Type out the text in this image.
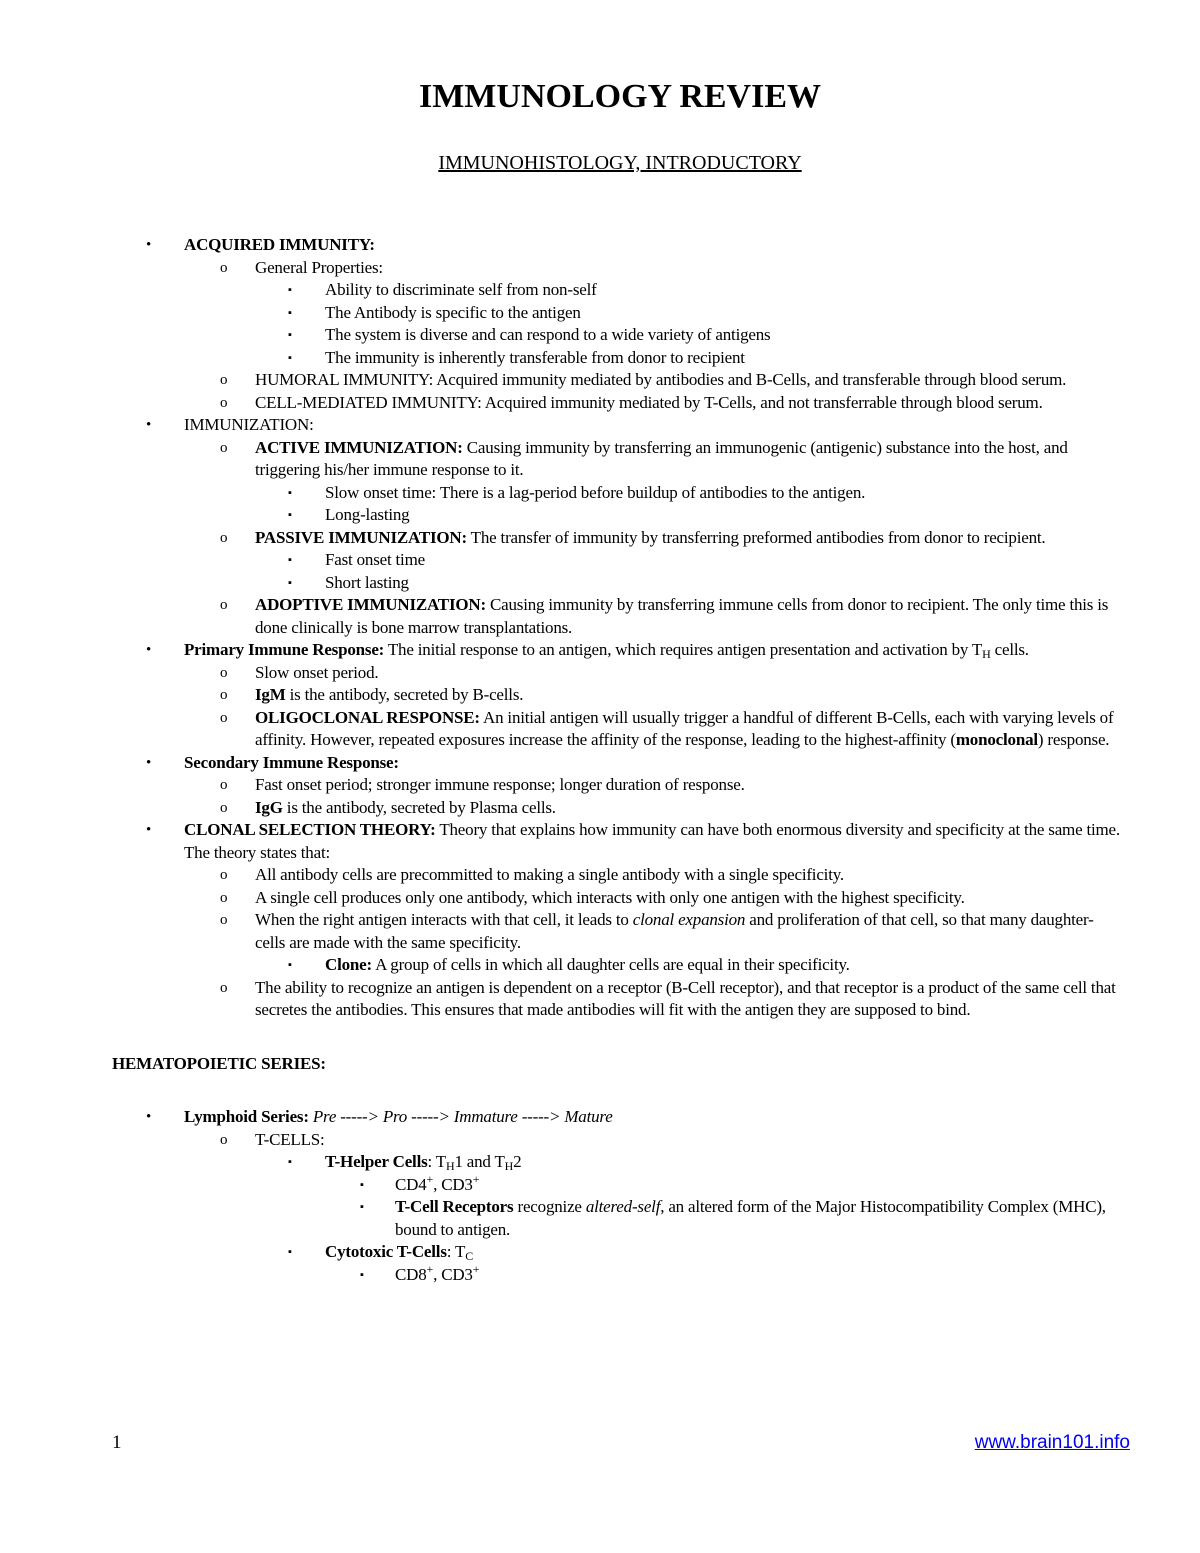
IMMUNOLOGY REVIEW
IMMUNOHISTOLOGY, INTRODUCTORY
• ACQUIRED IMMUNITY:
o General Properties:
▪ Ability to discriminate self from non-self
▪ The Antibody is specific to the antigen
▪ The system is diverse and can respond to a wide variety of antigens
▪ The immunity is inherently transferable from donor to recipient
o HUMORAL IMMUNITY: Acquired immunity mediated by antibodies and B-Cells, and transferable through blood serum.
o CELL-MEDIATED IMMUNITY: Acquired immunity mediated by T-Cells, and not transferrable through blood serum.
• IMMUNIZATION:
o ACTIVE IMMUNIZATION: Causing immunity by transferring an immunogenic (antigenic) substance into the host, and triggering his/her immune response to it.
▪ Slow onset time: There is a lag-period before buildup of antibodies to the antigen.
▪ Long-lasting
o PASSIVE IMMUNIZATION: The transfer of immunity by transferring preformed antibodies from donor to recipient.
▪ Fast onset time
▪ Short lasting
o ADOPTIVE IMMUNIZATION: Causing immunity by transferring immune cells from donor to recipient. The only time this is done clinically is bone marrow transplantations.
• Primary Immune Response: The initial response to an antigen, which requires antigen presentation and activation by $T_H$ cells.
o Slow onset period.
o IgM is the antibody, secreted by B-cells.
o OLIGOCLONAL RESPONSE: An initial antigen will usually trigger a handful of different B-Cells, each with varying levels of affinity. However, repeated exposures increase the affinity of the response, leading to the highest-affinity (monoclonal) response.
• Secondary Immune Response:
o Fast onset period; stronger immune response; longer duration of response.
o IgG is the antibody, secreted by Plasma cells.
• CLONAL SELECTION THEORY: Theory that explains how immunity can have both enormous diversity and specificity at the same time. The theory states that:
o All antibody cells are precommitted to making a single antibody with a single specificity.
o A single cell produces only one antibody, which interacts with only one antigen with the highest specificity.
o When the right antigen interacts with that cell, it leads to clonal expansion and proliferation of that cell, so that many daughter-cells are made with the same specificity.
▪ Clone: A group of cells in which all daughter cells are equal in their specificity.
o The ability to recognize an antigen is dependent on a receptor (B-Cell receptor), and that receptor is a product of the same cell that secretes the antibodies. This ensures that made antibodies will fit with the antigen they are supposed to bind.
HEMATOPOIETIC SERIES:
• Lymphoid Series: Pre -----> Pro -----> Immature -----> Mature
o T-CELLS:
▪ T-Helper Cells: $T_H1$ and $T_H2$
▪ CD4+, CD3+
▪ T-Cell Receptors recognize altered-self, an altered form of the Major Histocompatibility Complex (MHC), bound to antigen.
▪ Cytotoxic T-Cells: $T_C$
▪ CD8+, CD3+
1	www.brain101.info
